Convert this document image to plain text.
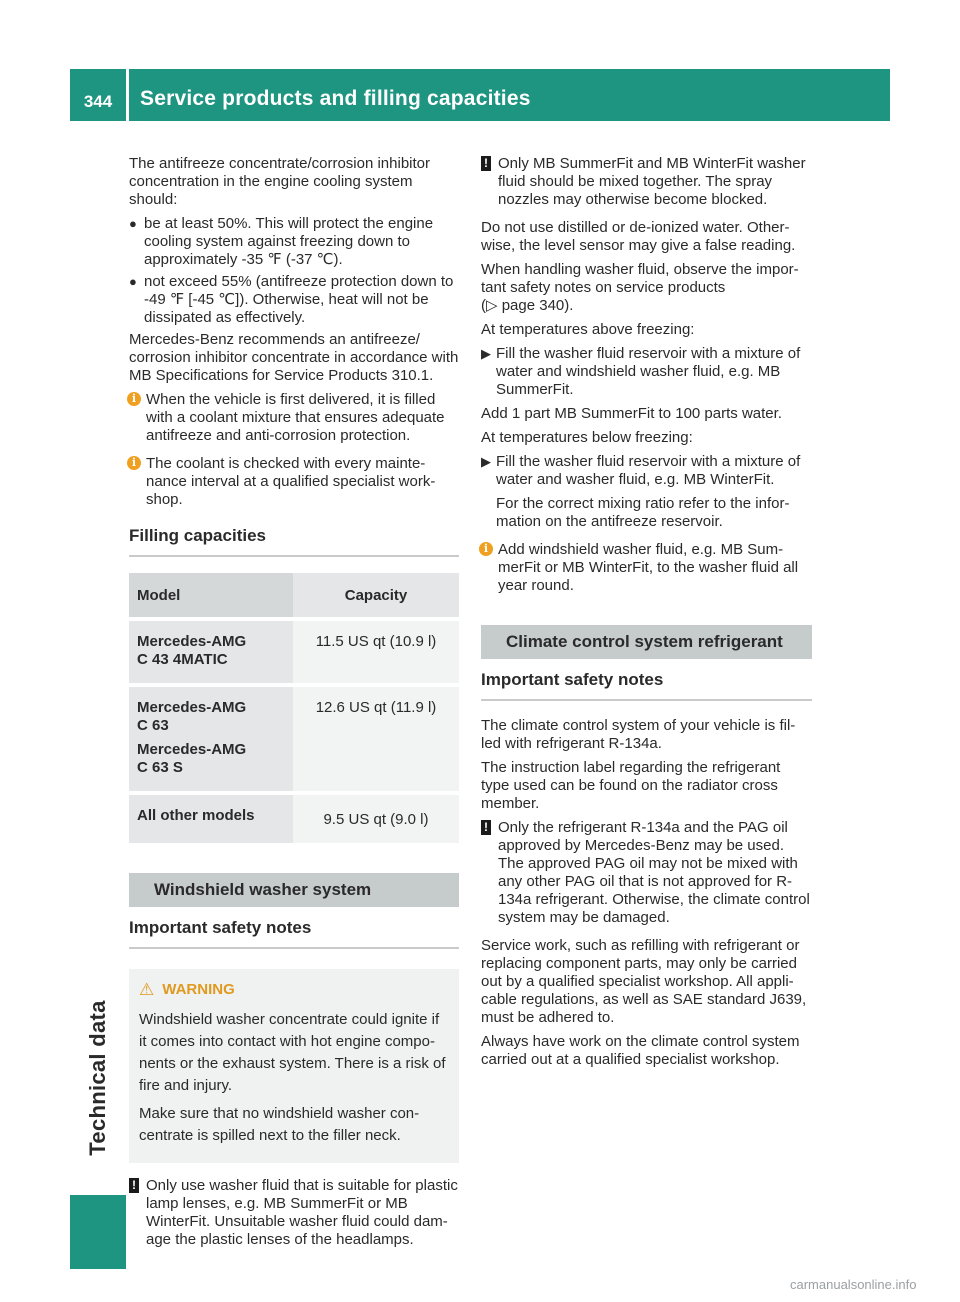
344	Service products and filling capacities
Technical data

The antifreeze concentrate/corrosion inhibitor concentration in the engine cooling system should:

● be at least 50%. This will protect the engine cooling system against freezing down to approximately -35 ℉ (-37 ℃).
● not exceed 55% (antifreeze protection down to -49 ℉ [-45 ℃]). Otherwise, heat will not be dissipated as effectively.

Mercedes-Benz recommends an antifreeze/ corrosion inhibitor concentrate in accordance with MB Specifications for Service Products 310.1.

i When the vehicle is first delivered, it is filled with a coolant mixture that ensures adequate antifreeze and anti-corrosion protection.
i The coolant is checked with every mainte- nance interval at a qualified specialist work- shop.
Filling capacities
Model	Capacity

Mercedes-AMG
C 43 4MATIC	11.5 US qt (10.9 l)

Mercedes-AMG
C 63
Mercedes-AMG
C 63 S	12.6 US qt (11.9 l)

All other models	9.5 US qt (9.0 l)
Windshield washer system
Important safety notes
⚠ WARNING

Windshield washer concentrate could ignite if it comes into contact with hot engine compo- nents or the exhaust system. There is a risk of fire and injury.

Make sure that no windshield washer con- centrate is spilled next to the filler neck.

! Only use washer fluid that is suitable for plastic lamp lenses, e.g. MB SummerFit or MB WinterFit. Unsuitable washer fluid could dam- age the plastic lenses of the headlamps.
! Only MB SummerFit and MB WinterFit washer fluid should be mixed together. The spray nozzles may otherwise become blocked.

Do not use distilled or de-ionized water. Other- wise, the level sensor may give a false reading.

When handling washer fluid, observe the impor- tant safety notes on service products
(▷ page 340).

At temperatures above freezing:

▶ Fill the washer fluid reservoir with a mixture of water and windshield washer fluid, e.g. MB SummerFit.

Add 1 part MB SummerFit to 100 parts water.

At temperatures below freezing:

▶ Fill the washer fluid reservoir with a mixture of water and washer fluid, e.g. MB WinterFit.

For the correct mixing ratio refer to the infor- mation on the antifreeze reservoir.

i Add windshield washer fluid, e.g. MB Sum- merFit or MB WinterFit, to the washer fluid all year round.
Climate control system refrigerant
Important safety notes

The climate control system of your vehicle is fil- led with refrigerant R-134a.

The instruction label regarding the refrigerant type used can be found on the radiator cross member.

! Only the refrigerant R-134a and the PAG oil approved by Mercedes-Benz may be used. The approved PAG oil may not be mixed with any other PAG oil that is not approved for R-134a refrigerant. Otherwise, the climate control system may be damaged.

Service work, such as refilling with refrigerant or replacing component parts, may only be carried out by a qualified specialist workshop. All appli- cable regulations, as well as SAE standard J639, must be adhered to.

Always have work on the climate control system carried out at a qualified specialist workshop.

carmanualsonline.info
